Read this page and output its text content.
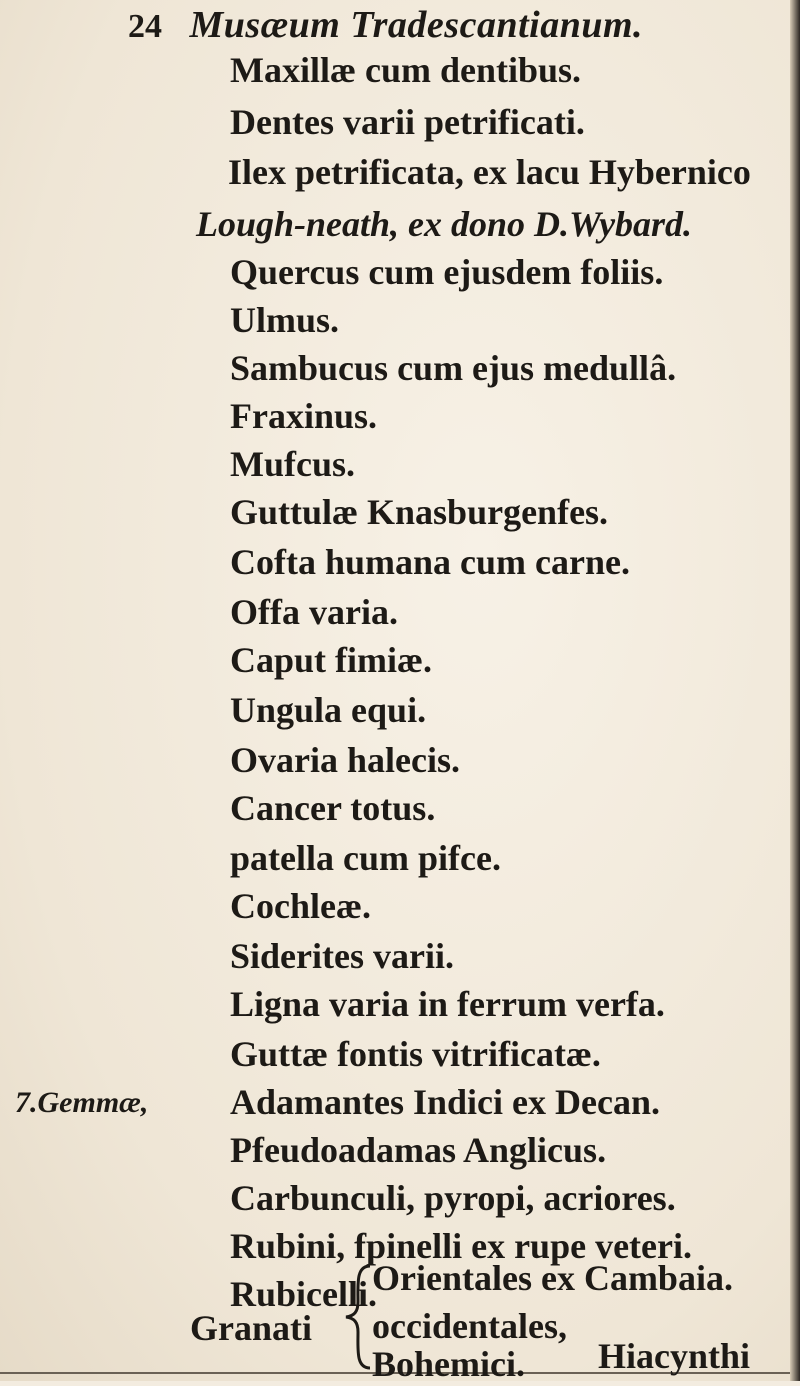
24 Musæum Tradescantianum.
Maxillæ cum dentibus.
Dentes varii petrificati.
Ilex petrificata, ex lacu Hybernico
Lough-neath, ex dono D.Wybard.
Quercus cum ejusdem foliis.
Ulmus.
Sambucus cum ejus medullâ.
Fraxinus.
Mufcus.
Guttulæ Knasburgenfes.
Cofta humana cum carne.
Offa varia.
Caput fimiæ.
Ungula equi.
Ovaria halecis.
Cancer totus.
patella cum pifce.
Cochleæ.
Siderites varii.
Ligna varia in ferrum verfa.
Guttæ fontis vitrificatæ.
7.Gemmæ, Adamantes Indici ex Decan.
Pfeudoadamas Anglicus.
Carbunculi, pyropi, acriores.
Rubini, fpinelli ex rupe veteri.
Rubicelli.
Granati
Orientales ex Cambaia.
occidentales,
Bohemici. Hiacynthi
